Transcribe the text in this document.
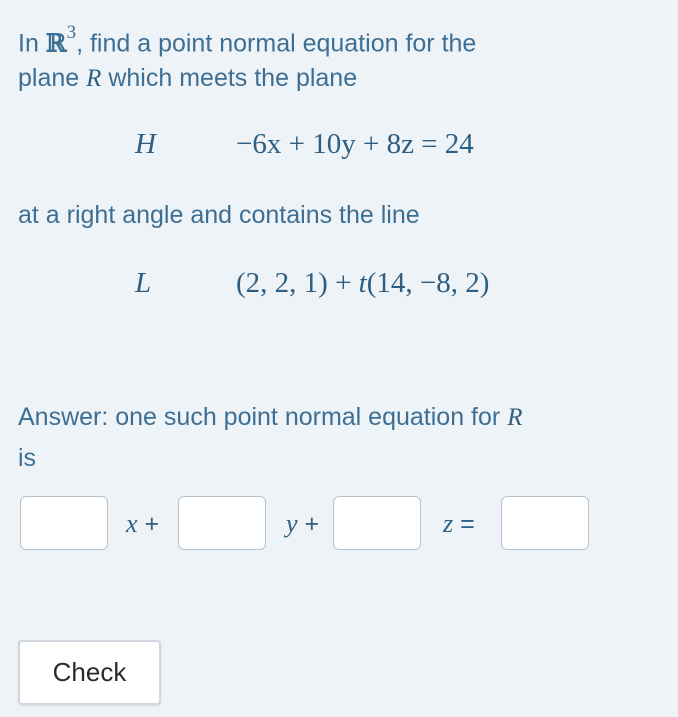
In ℝ$^3$, find a point normal equation for the
plane R which meets the plane
H	−6x + 10y + 8z = 24
at a right angle and contains the line
L	(2, 2, 1) + t(14, −8, 2)
Answer: one such point normal equation for R
is
x +	y +	z =
Check
